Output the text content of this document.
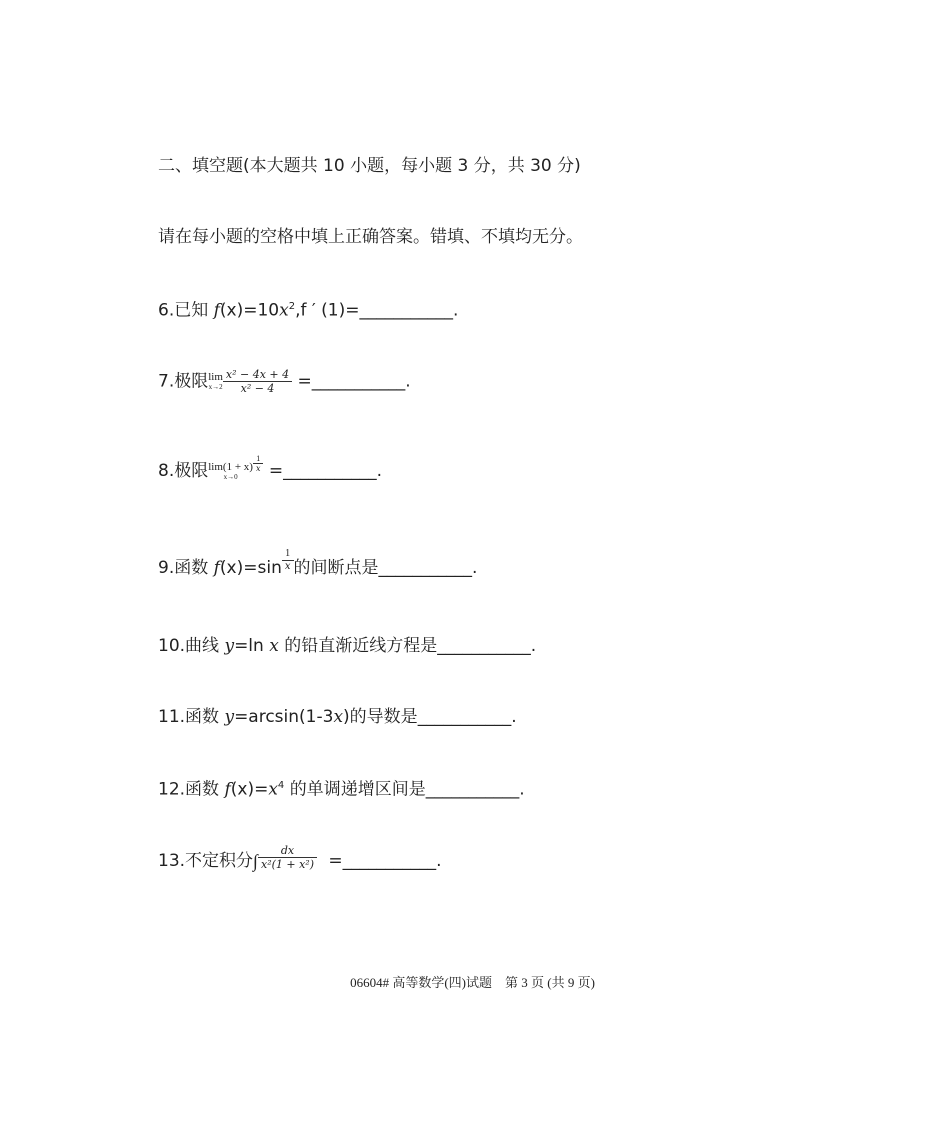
二、填空题(本大题共 10 小题，每小题 3 分，共 30 分)
请在每小题的空格中填上正确答案。错填、不填均无分。
6.已知 $f(x)=10x^2,f$ ′ (1)=___________.
7.极限 lim
$x\to 2 \frac{\text{x² − 4x + 4}}{\text{x² − 4}}$ =___________.
8.极限 lim(1 + x)
x→0
$\frac{1}{x}$ =___________.
9.函数 $f(x)=\sin \frac{1}{x}$ 的间断点是___________.
10.曲线 y=ln x 的铅直渐近线方程是___________.
11.函数 y=arcsin(1-3x)的导数是___________.
12.函数 $f(x)=x^4$ 的单调递增区间是___________.
13.不定积分∫ $\frac{dx}{\text{x²(1 + x²)}}$ =___________.
06604# 高等数学(四)试题　第 3 页 (共 9 页)
